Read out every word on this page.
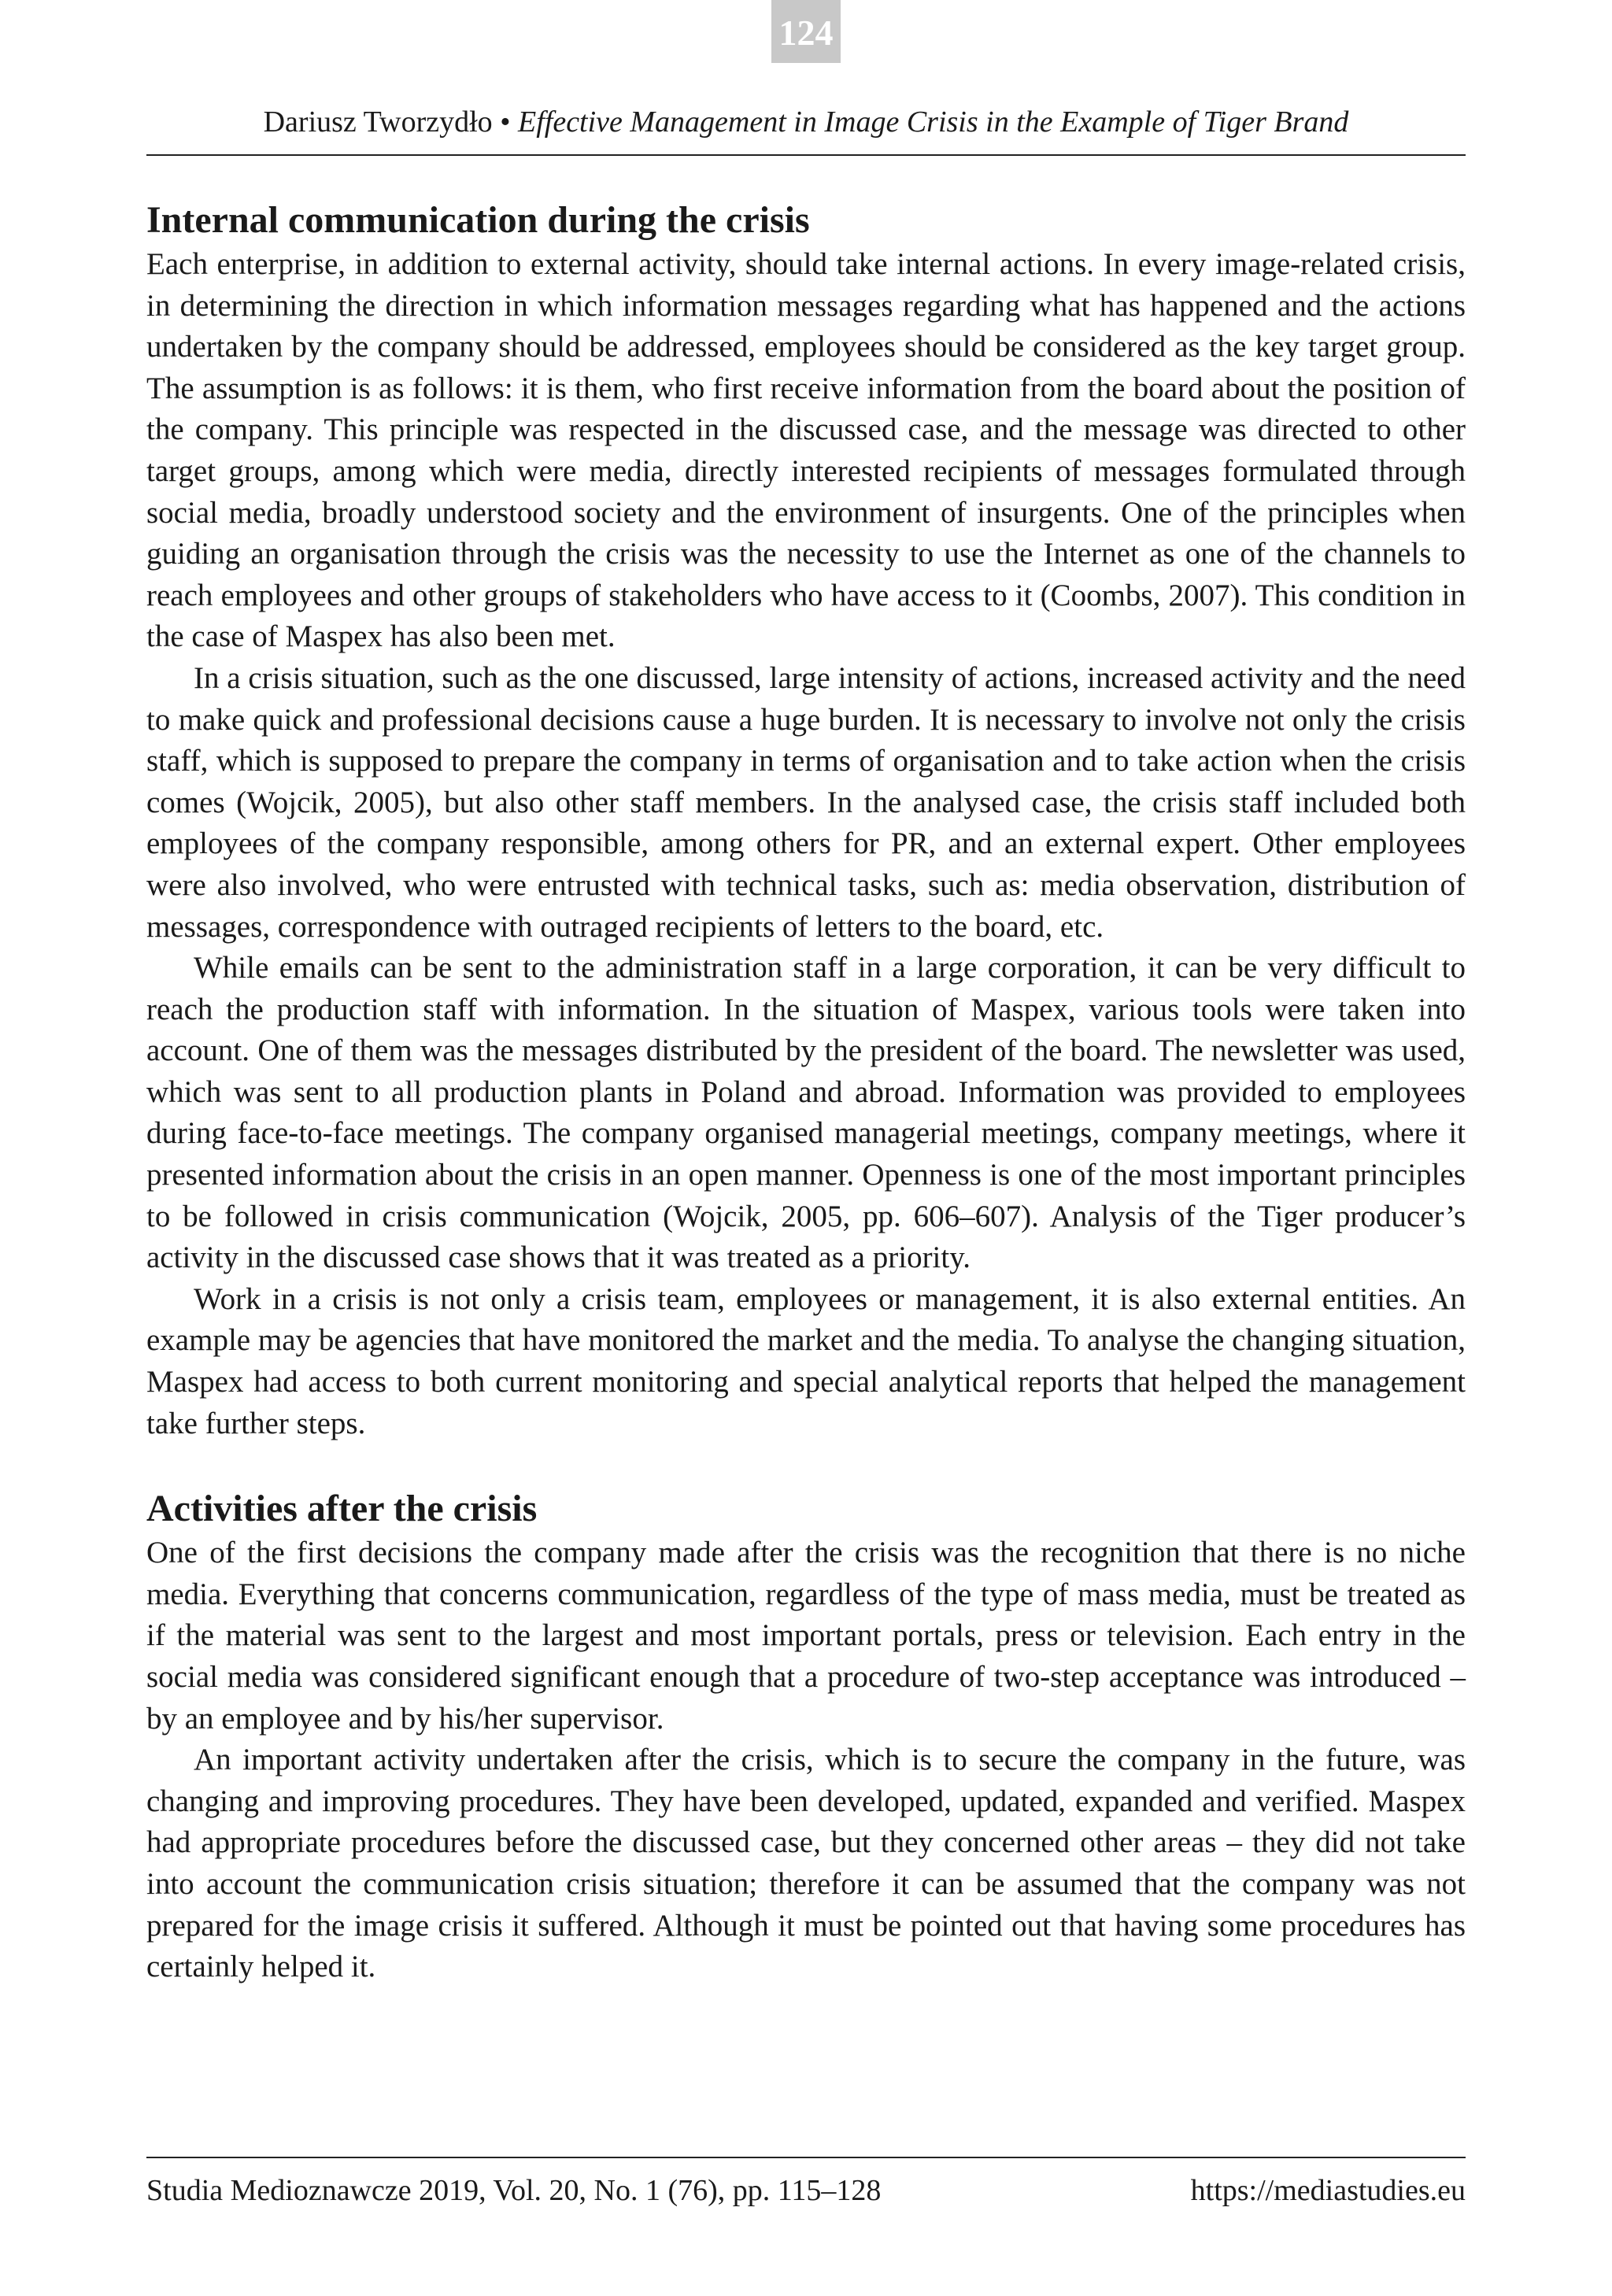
124
Dariusz Tworzydło • Effective Management in Image Crisis in the Example of Tiger Brand
Internal communication during the crisis

Each enterprise, in addition to external activity, should take internal actions. In every image-related crisis, in determining the direction in which information messages regarding what has happened and the actions undertaken by the company should be addressed, employees should be considered as the key target group. The assumption is as follows: it is them, who first receive information from the board about the position of the company. This principle was respected in the discussed case, and the message was directed to other target groups, among which were media, directly interested recipients of messages formulated through social media, broadly understood society and the environment of insurgents. One of the principles when guiding an organisation through the crisis was the necessity to use the Internet as one of the channels to reach employees and other groups of stakeholders who have access to it (Coombs, 2007). This condition in the case of Maspex has also been met.

In a crisis situation, such as the one discussed, large intensity of actions, increased activity and the need to make quick and professional decisions cause a huge burden. It is necessary to involve not only the crisis staff, which is supposed to prepare the company in terms of organisation and to take action when the crisis comes (Wojcik, 2005), but also other staff members. In the analysed case, the crisis staff included both employees of the company responsible, among others for PR, and an external expert. Other employees were also involved, who were entrusted with technical tasks, such as: media observation, distribution of messages, correspondence with outraged recipients of letters to the board, etc.

While emails can be sent to the administration staff in a large corporation, it can be very difficult to reach the production staff with information. In the situation of Maspex, various tools were taken into account. One of them was the messages distributed by the president of the board. The newsletter was used, which was sent to all production plants in Poland and abroad. Information was provided to employees during face-to-face meetings. The company organised managerial meetings, company meetings, where it presented information about the crisis in an open manner. Openness is one of the most important principles to be followed in crisis communication (Wojcik, 2005, pp. 606–607). Analysis of the Tiger producer’s activity in the discussed case shows that it was treated as a priority.

Work in a crisis is not only a crisis team, employees or management, it is also external entities. An example may be agencies that have monitored the market and the media. To analyse the changing situation, Maspex had access to both current monitoring and special analytical reports that helped the management take further steps.

Activities after the crisis

One of the first decisions the company made after the crisis was the recognition that there is no niche media. Everything that concerns communication, regardless of the type of mass media, must be treated as if the material was sent to the largest and most important portals, press or television. Each entry in the social media was considered significant enough that a procedure of two-step acceptance was introduced – by an employee and by his/her supervisor.

An important activity undertaken after the crisis, which is to secure the company in the future, was changing and improving procedures. They have been developed, updated, expanded and verified. Maspex had appropriate procedures before the discussed case, but they concerned other areas – they did not take into account the communication crisis situation; therefore it can be assumed that the company was not prepared for the image crisis it suffered. Although it must be pointed out that having some procedures has certainly helped it.

Studia Medioznawcze 2019, Vol. 20, No. 1 (76), pp. 115–128	https://mediastudies.eu
